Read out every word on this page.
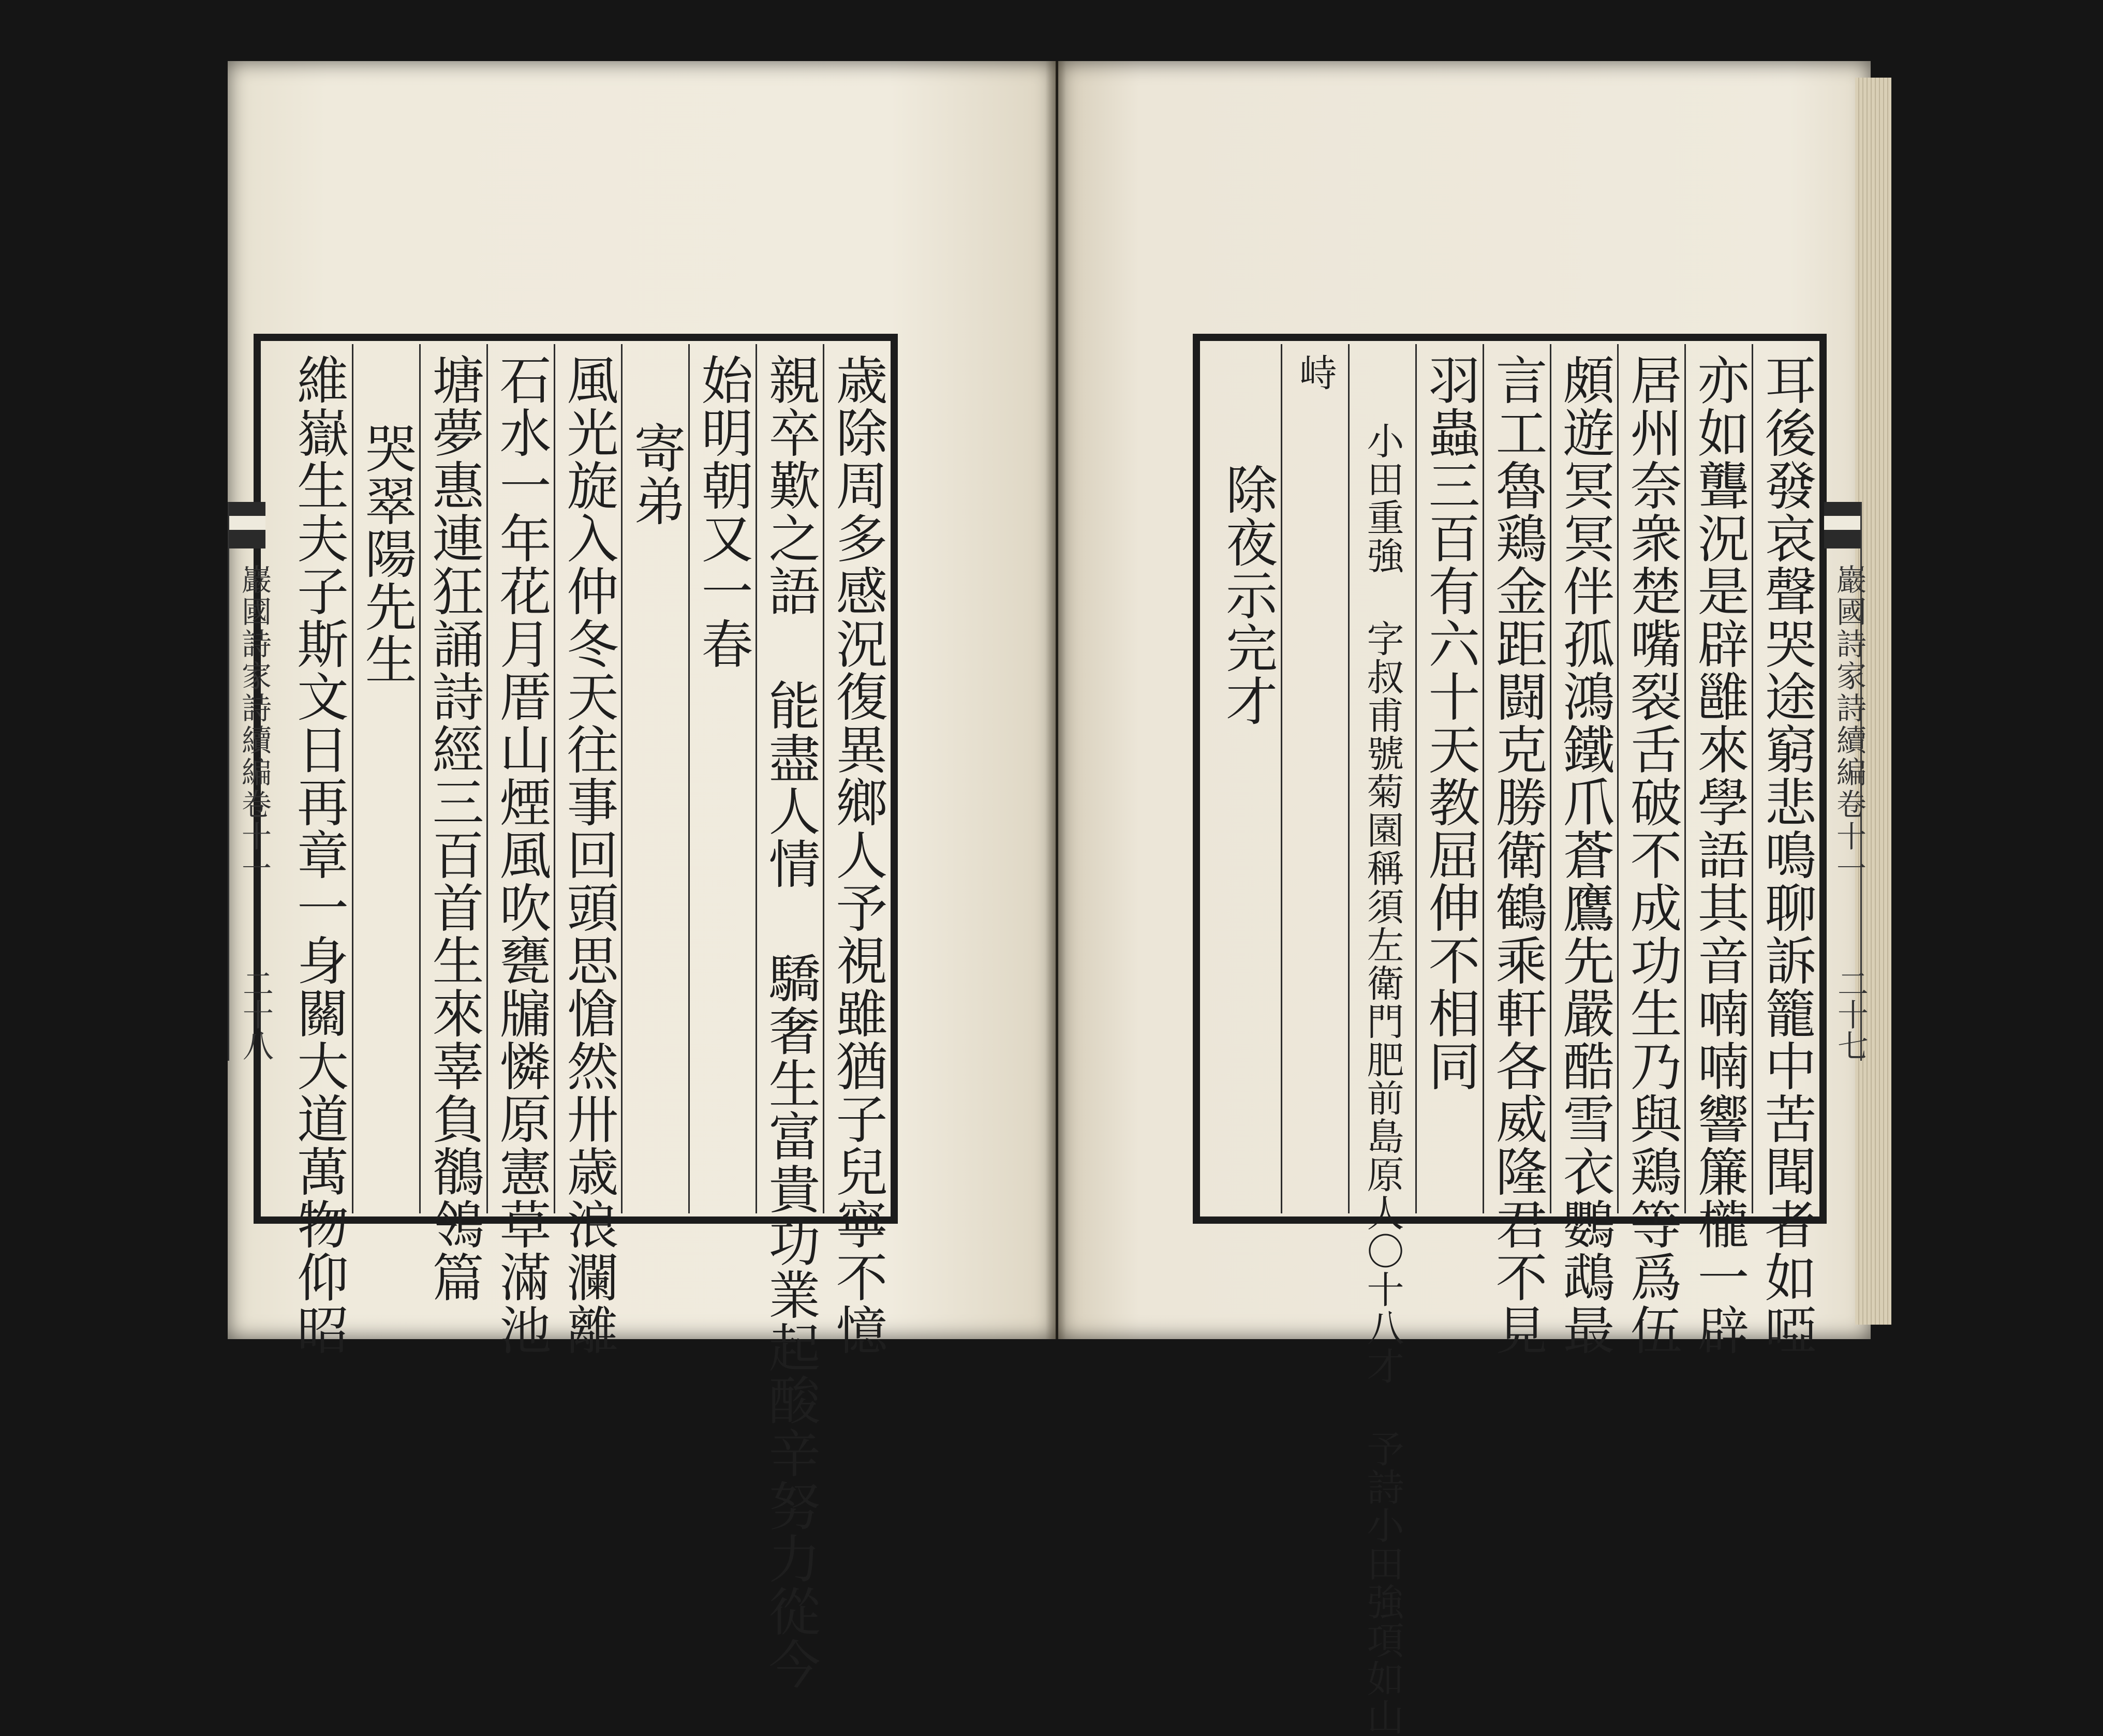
歳除周多感況復異鄉人予視雖猶子兒寧不憶
親卒歎之語 能盡人情 驕奢生富貴功業起酸辛努力從今
始明朝又一春
寄弟
風光旋入仲冬天往事回頭思愴然卅歳浪瀾離
石水一年花月厝山煙風吹甕牖憐原憲草滿池
塘夢惠連狂誦詩經三百首生來辜負鶺鴒篇
哭翠陽先生
維嶽生夫子斯文日再章一身關大道萬物仰昭	耳後發哀聲哭途窮悲鳴聊訴籠中苦聞者如啞
亦如聾況是辟雝來學語其音喃喃響簾櫳一辟
居州奈衆楚嘴裂舌破不成功生乃與鶏等爲伍
頗遊冥冥伴孤鴻鐵爪蒼鷹先嚴酷雪衣鸚鵡最
言工魯鶏金距闘克勝衛鶴乘軒各威隆君不見
羽蟲三百有六十天教屈伸不相同
小田重強 字叔甫號菊園稱須左衛門肥前島原人〇十八才 予詩小田強項如山
峙
除夜示完才
巖國詩家詩續編卷十一
二十八
巖國詩家詩續編卷十一
二十七
